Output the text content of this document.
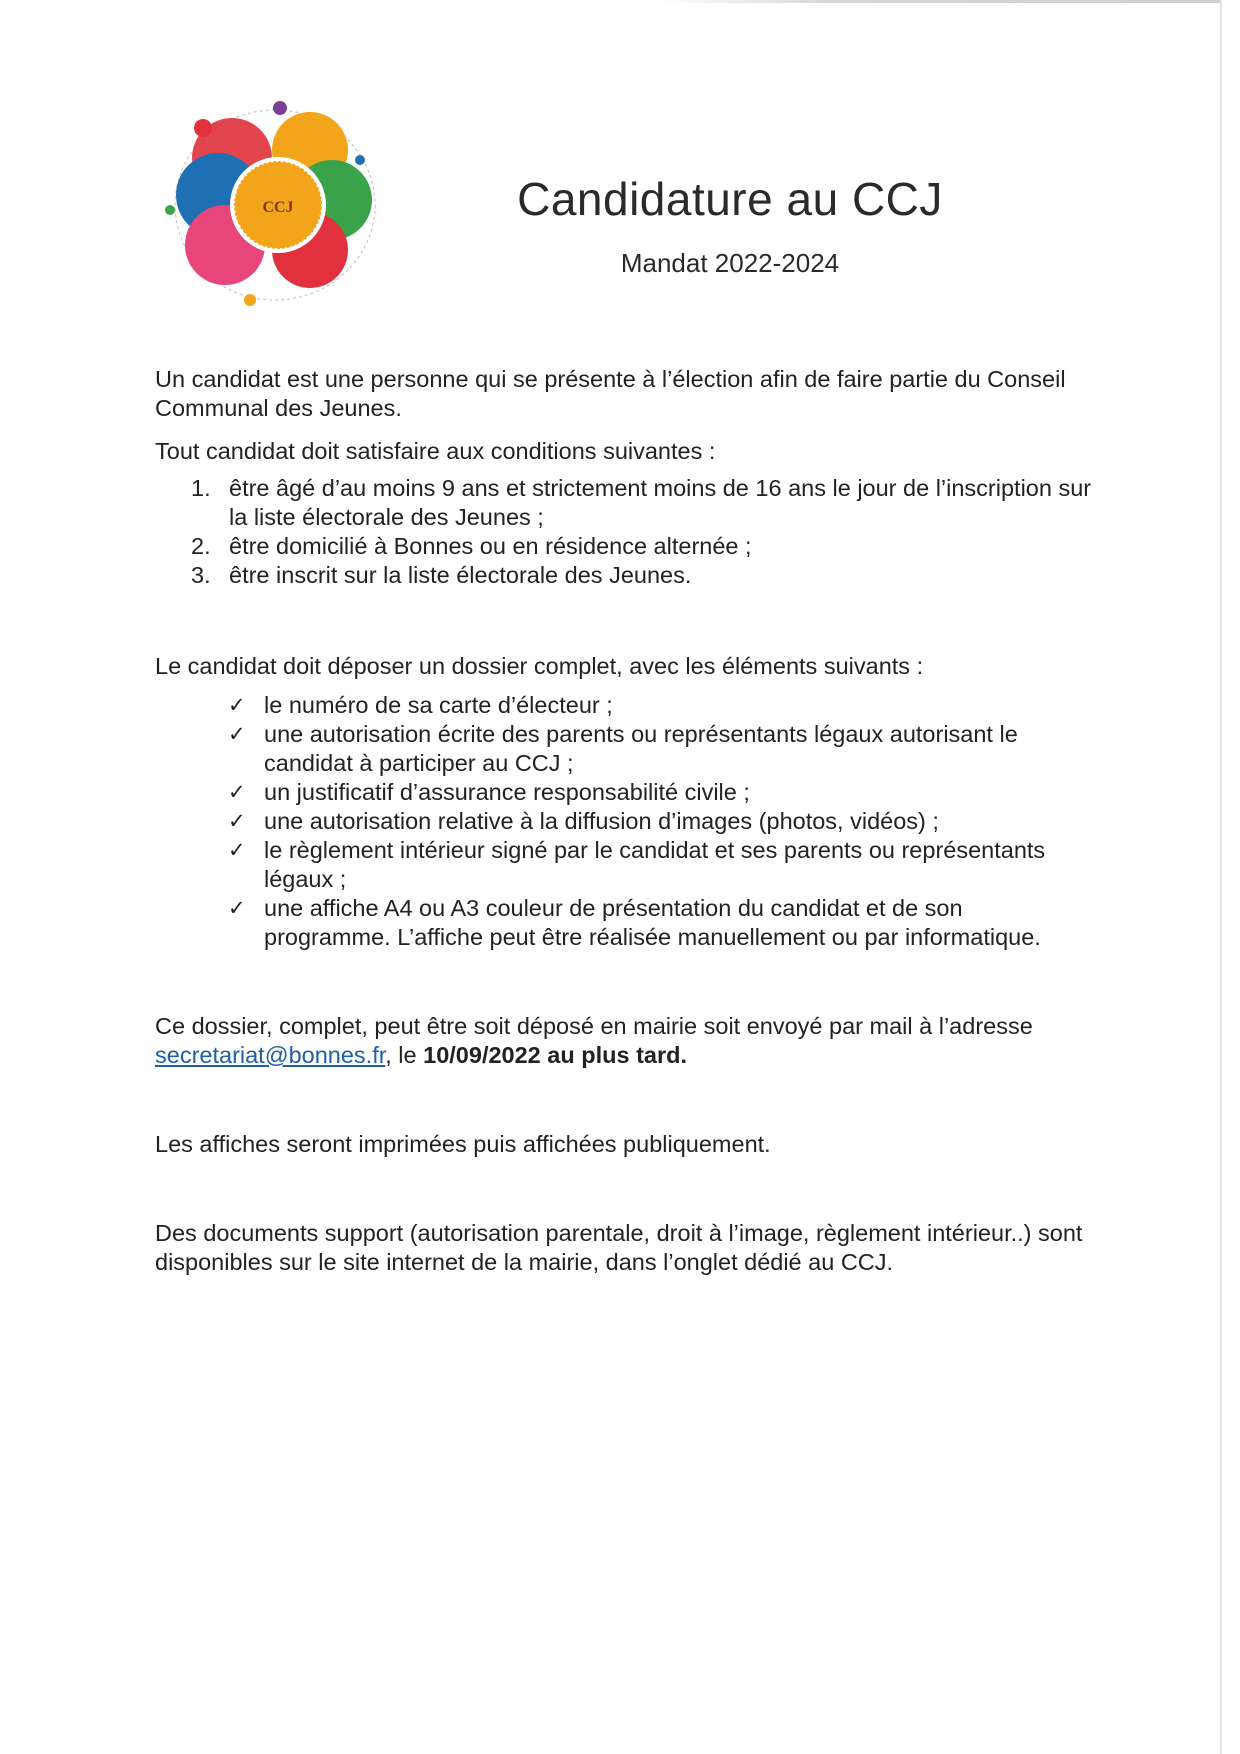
CCJ	Candidature au CCJ

Mandat 2022-2024

Un candidat est une personne qui se présente à l’élection afin de faire partie du Conseil Communal des Jeunes.

Tout candidat doit satisfaire aux conditions suivantes :

1. être âgé d’au moins 9 ans et strictement moins de 16 ans le jour de l’inscription sur la liste électorale des Jeunes ;
2. être domicilié à Bonnes ou en résidence alternée ;
3. être inscrit sur la liste électorale des Jeunes.

Le candidat doit déposer un dossier complet, avec les éléments suivants :

✓ le numéro de sa carte d’électeur ;
✓ une autorisation écrite des parents ou représentants légaux autorisant le candidat à participer au CCJ ;
✓ un justificatif d’assurance responsabilité civile ;
✓ une autorisation relative à la diffusion d’images (photos, vidéos) ;
✓ le règlement intérieur signé par le candidat et ses parents ou représentants légaux ;
✓ une affiche A4 ou A3 couleur de présentation du candidat et de son programme. L’affiche peut être réalisée manuellement ou par informatique.

Ce dossier, complet, peut être soit déposé en mairie soit envoyé par mail à l’adresse secretariat@bonnes.fr, le 10/09/2022 au plus tard.

Les affiches seront imprimées puis affichées publiquement.

Des documents support (autorisation parentale, droit à l’image, règlement intérieur..) sont disponibles sur le site internet de la mairie, dans l’onglet dédié au CCJ.
